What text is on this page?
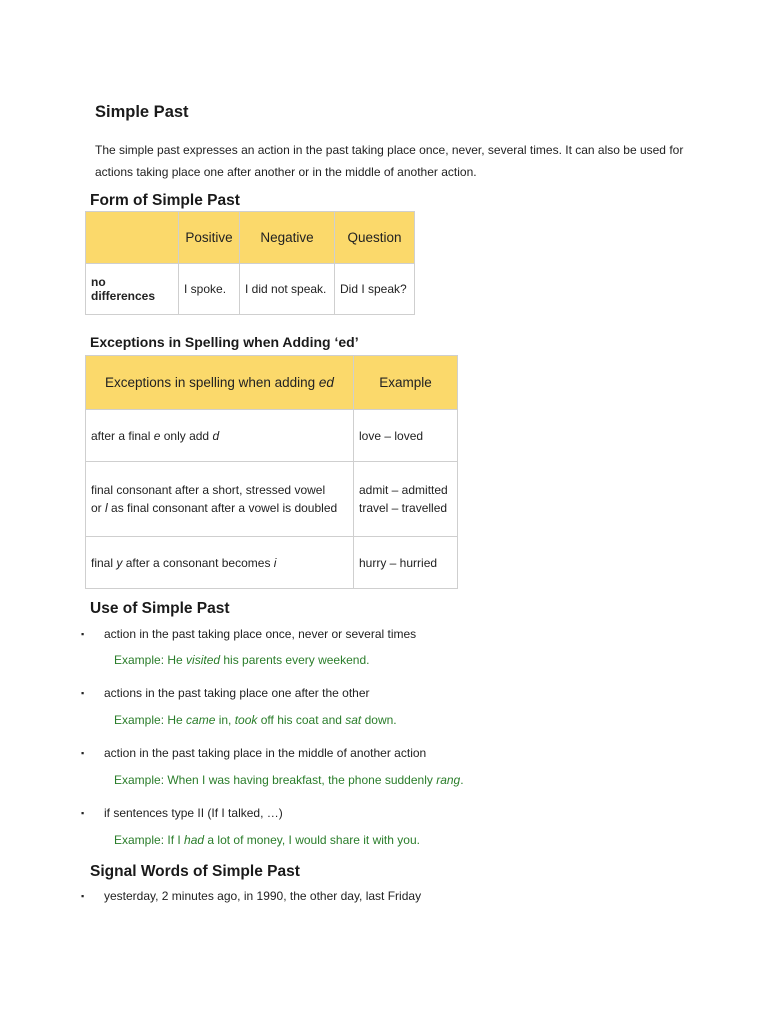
Simple Past
The simple past expresses an action in the past taking place once, never, several times. It can also be used for actions taking place one after another or in the middle of another action.
Form of Simple Past
	Positive	Negative	Question
no differences	I spoke.	I did not speak.	Did I speak?
Exceptions in Spelling when Adding ‘ed’
Exceptions in spelling when adding ed	Example
after a final e only add d	love – loved
final consonant after a short, stressed vowel
or l as final consonant after a vowel is doubled	admit – admitted
travel – travelled
final y after a consonant becomes i	hurry – hurried
Use of Simple Past
▪ action in the past taking place once, never or several times
Example: He visited his parents every weekend.
▪ actions in the past taking place one after the other
Example: He came in, took off his coat and sat down.
▪ action in the past taking place in the middle of another action
Example: When I was having breakfast, the phone suddenly rang.
▪ if sentences type II (If I talked, …)
Example: If I had a lot of money, I would share it with you.
Signal Words of Simple Past
▪ yesterday, 2 minutes ago, in 1990, the other day, last Friday
